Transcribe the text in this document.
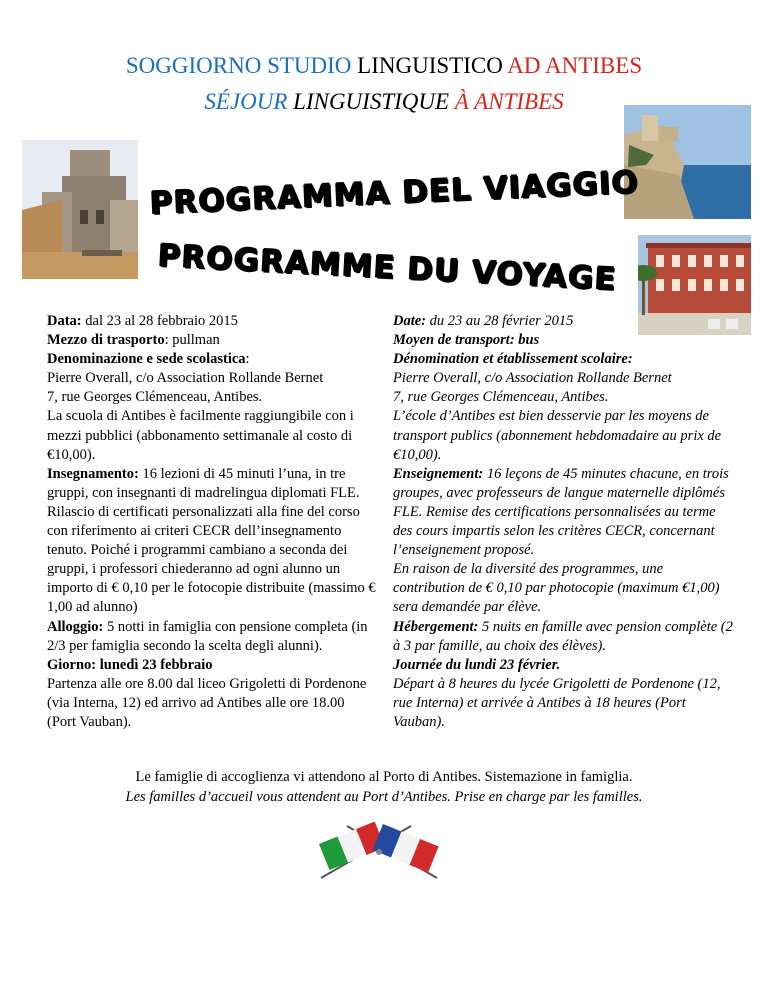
SOGGIORNO STUDIO LINGUISTICO AD ANTIBES
SÉJOUR LINGUISTIQUE À ANTIBES
PROGRAMMA DEL VIAGGIO
PROGRAMME DU VOYAGE

Data: dal 23 al 28 febbraio 2015

Mezzo di trasporto: pullman

Denominazione e sede scolastica:

Pierre Overall, c/o Association Rollande Bernet

7, rue Georges Clémenceau, Antibes.

La scuola di Antibes è facilmente raggiungibile con i mezzi pubblici (abbonamento settimanale al costo di €10,00).

Insegnamento: 16 lezioni di 45 minuti l’una, in tre gruppi, con insegnanti di madrelingua diplomati FLE. Rilascio di certificati personalizzati alla fine del corso con riferimento ai criteri CECR dell’insegnamento tenuto. Poiché i programmi cambiano a seconda dei gruppi, i professori chiederanno ad ogni alunno un importo di € 0,10 per le fotocopie distribuite (massimo € 1,00 ad alunno)

Alloggio: 5 notti in famiglia con pensione completa (in 2/3 per famiglia secondo la scelta degli alunni).

Giorno: lunedì 23 febbraio

Partenza alle ore 8.00 dal liceo Grigoletti di Pordenone (via Interna, 12) ed arrivo ad Antibes alle ore 18.00 (Port Vauban).

Date: du 23 au 28 février 2015

Moyen de transport: bus

Dénomination et établissement scolaire:

Pierre Overall, c/o Association Rollande Bernet

7, rue Georges Clémenceau, Antibes.

L’école d’Antibes est bien desservie par les moyens de transport publics (abonnement hebdomadaire au prix de €10,00).

Enseignement: 16 leçons de 45 minutes chacune, en trois groupes, avec professeurs de langue maternelle diplômés FLE. Remise des certifications personnalisées au terme des cours impartis selon les critères CECR, concernant l’enseignement proposé.

En raison de la diversité des programmes, une contribution de € 0,10 par photocopie (maximum €1,00) sera demandée par élève.

Hébergement: 5 nuits en famille avec pension complète (2 à 3 par famille, au choix des élèves).

Journée du lundi 23 février.

Départ à 8 heures du lycée Grigoletti de Pordenone (12, rue Interna) et arrivée à Antibes à 18 heures (Port Vauban).

Le famiglie di accoglienza vi attendono al Porto di Antibes. Sistemazione in famiglia.
Les familles d’accueil vous attendent au Port d’Antibes. Prise en charge par les familles.
